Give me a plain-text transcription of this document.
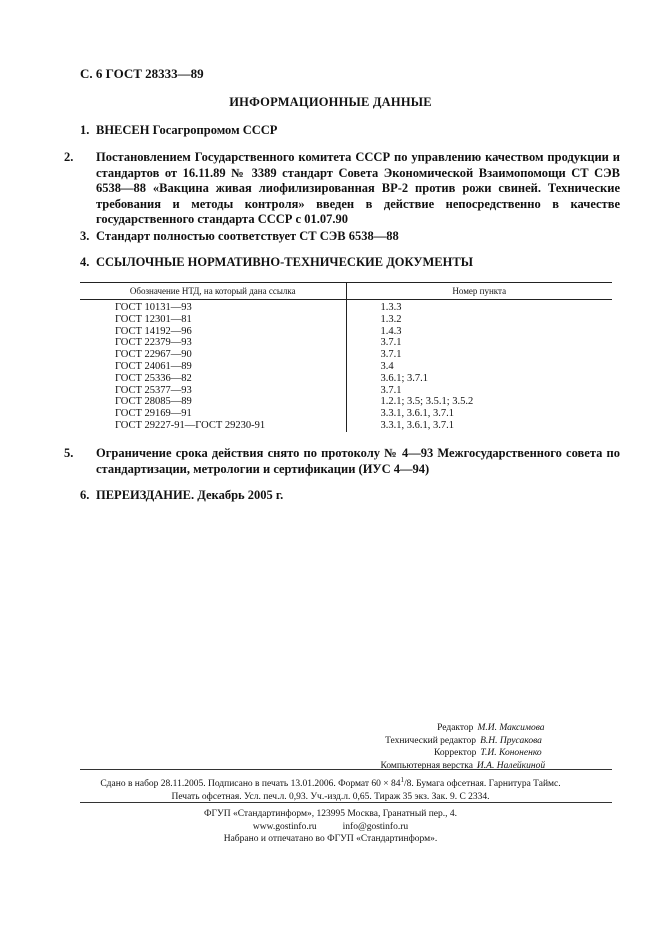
С. 6 ГОСТ 28333—89
ИНФОРМАЦИОННЫЕ ДАННЫЕ
1. ВНЕСЕН Госагропромом СССР
2. Постановлением Государственного комитета СССР по управлению качеством продукции и стандартов от 16.11.89 № 3389 стандарт Совета Экономической Взаимопомощи СТ СЭВ 6538—88 «Вакцина живая лиофилизированная ВР-2 против рожи свиней. Технические требования и методы контроля» введен в действие непосредственно в качестве государственного стандарта СССР с 01.07.90
3. Стандарт полностью соответствует СТ СЭВ 6538—88
4. ССЫЛОЧНЫЕ НОРМАТИВНО-ТЕХНИЧЕСКИЕ ДОКУМЕНТЫ
Обозначение НТД, на который дана ссылка	Номер пункта
ГОСТ 10131—93
ГОСТ 12301—81
ГОСТ 14192—96
ГОСТ 22379—93
ГОСТ 22967—90
ГОСТ 24061—89
ГОСТ 25336—82
ГОСТ 25377—93
ГОСТ 28085—89
ГОСТ 29169—91
ГОСТ 29227-91—ГОСТ 29230-91
1.3.3
1.3.2
1.4.3
3.7.1
3.7.1
3.4
3.6.1; 3.7.1
3.7.1
1.2.1; 3.5; 3.5.1; 3.5.2
3.3.1, 3.6.1, 3.7.1
3.3.1, 3.6.1, 3.7.1
5. Ограничение срока действия снято по протоколу № 4—93 Межгосударственного совета по стандартизации, метрологии и сертификации (ИУС 4—94)
6. ПЕРЕИЗДАНИЕ. Декабрь 2005 г.
Редактор М.И. Максимова
Технический редактор В.Н. Прусакова
Корректор Т.И. Кононенко
Компьютерная верстка И.А. Налейкиной
Сдано в набор 28.11.2005. Подписано в печать 13.01.2006. Формат $60 \times 84^1/8$. Бумага офсетная. Гарнитура Таймс.
Печать офсетная. Усл. печ.л. 0,93. Уч.-изд.л. 0,65. Тираж 35 экз. Зак. 9. С 2334.
ФГУП «Стандартинформ», 123995 Москва, Гранатный пер., 4.
www.gostinfo.ru	info@gostinfo.ru
Набрано и отпечатано во ФГУП «Стандартинформ».
